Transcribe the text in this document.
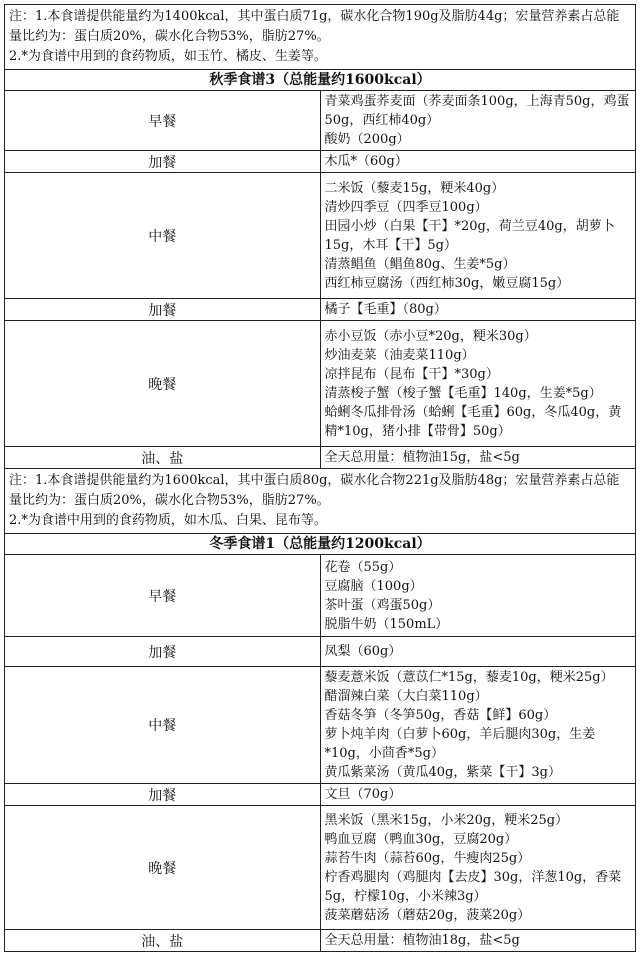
注：1.本食谱提供能量约为1400kcal，其中蛋白质71g，碳水化合物190g及脂肪44g；宏量营养素占总能量比约为：蛋白质20%，碳水化合物53%，脂肪27%。
2.*为食谱中用到的食药物质，如玉竹、橘皮、生姜等。	

秋季食谱3（总能量约1600kcal）	
早餐	青菜鸡蛋荞麦面（荞麦面条100g，上海青50g，鸡蛋50g，西红柿40g）
酸奶（200g）

加餐	木瓜*（60g）

中餐	二米饭（藜麦15g，粳米40g）
清炒四季豆（四季豆100g）
田园小炒（白果【干】*20g，荷兰豆40g，胡萝卜15g，木耳【干】5g）
清蒸鲳鱼（鲳鱼80g、生姜*5g）
西红柿豆腐汤（西红柿30g，嫩豆腐15g）

加餐	橘子【毛重】（80g）

晚餐	赤小豆饭（赤小豆*20g，粳米30g）
炒油麦菜（油麦菜110g）
凉拌昆布（昆布【干】*30g）
清蒸梭子蟹（梭子蟹【毛重】140g，生姜*5g）
蛤蜊冬瓜排骨汤（蛤蜊【毛重】60g，冬瓜40g，黄精*10g，猪小排【带骨】50g）

油、盐	全天总用量：植物油15g，盐<5g

注：1.本食谱提供能量约为1600kcal，其中蛋白质80g，碳水化合物221g及脂肪48g；宏量营养素占总能量比约为：蛋白质20%，碳水化合物53%，脂肪27%。
2.*为食谱中用到的食药物质，如木瓜、白果、昆布等。	

冬季食谱1（总能量约1200kcal）	
早餐	花卷（55g）
豆腐脑（100g）
茶叶蛋（鸡蛋50g）
脱脂牛奶（150mL）

加餐	凤梨（60g）

中餐	藜麦薏米饭（薏苡仁*15g，藜麦10g，粳米25g）
醋溜辣白菜（大白菜110g）
香菇冬笋（冬笋50g，香菇【鲜】60g）
萝卜炖羊肉（白萝卜60g，羊后腿肉30g，生姜*10g，小茴香*5g）
黄瓜紫菜汤（黄瓜40g，紫菜【干】3g）

加餐	文旦（70g）

晚餐	黑米饭（黑米15g，小米20g，粳米25g）
鸭血豆腐（鸭血30g，豆腐20g）
蒜苔牛肉（蒜苔60g，牛瘦肉25g）
柠香鸡腿肉（鸡腿肉【去皮】30g，洋葱10g，香菜5g，柠檬10g，小米辣3g）
菠菜蘑菇汤（蘑菇20g，菠菜20g）

油、盐	全天总用量：植物油18g，盐<5g
